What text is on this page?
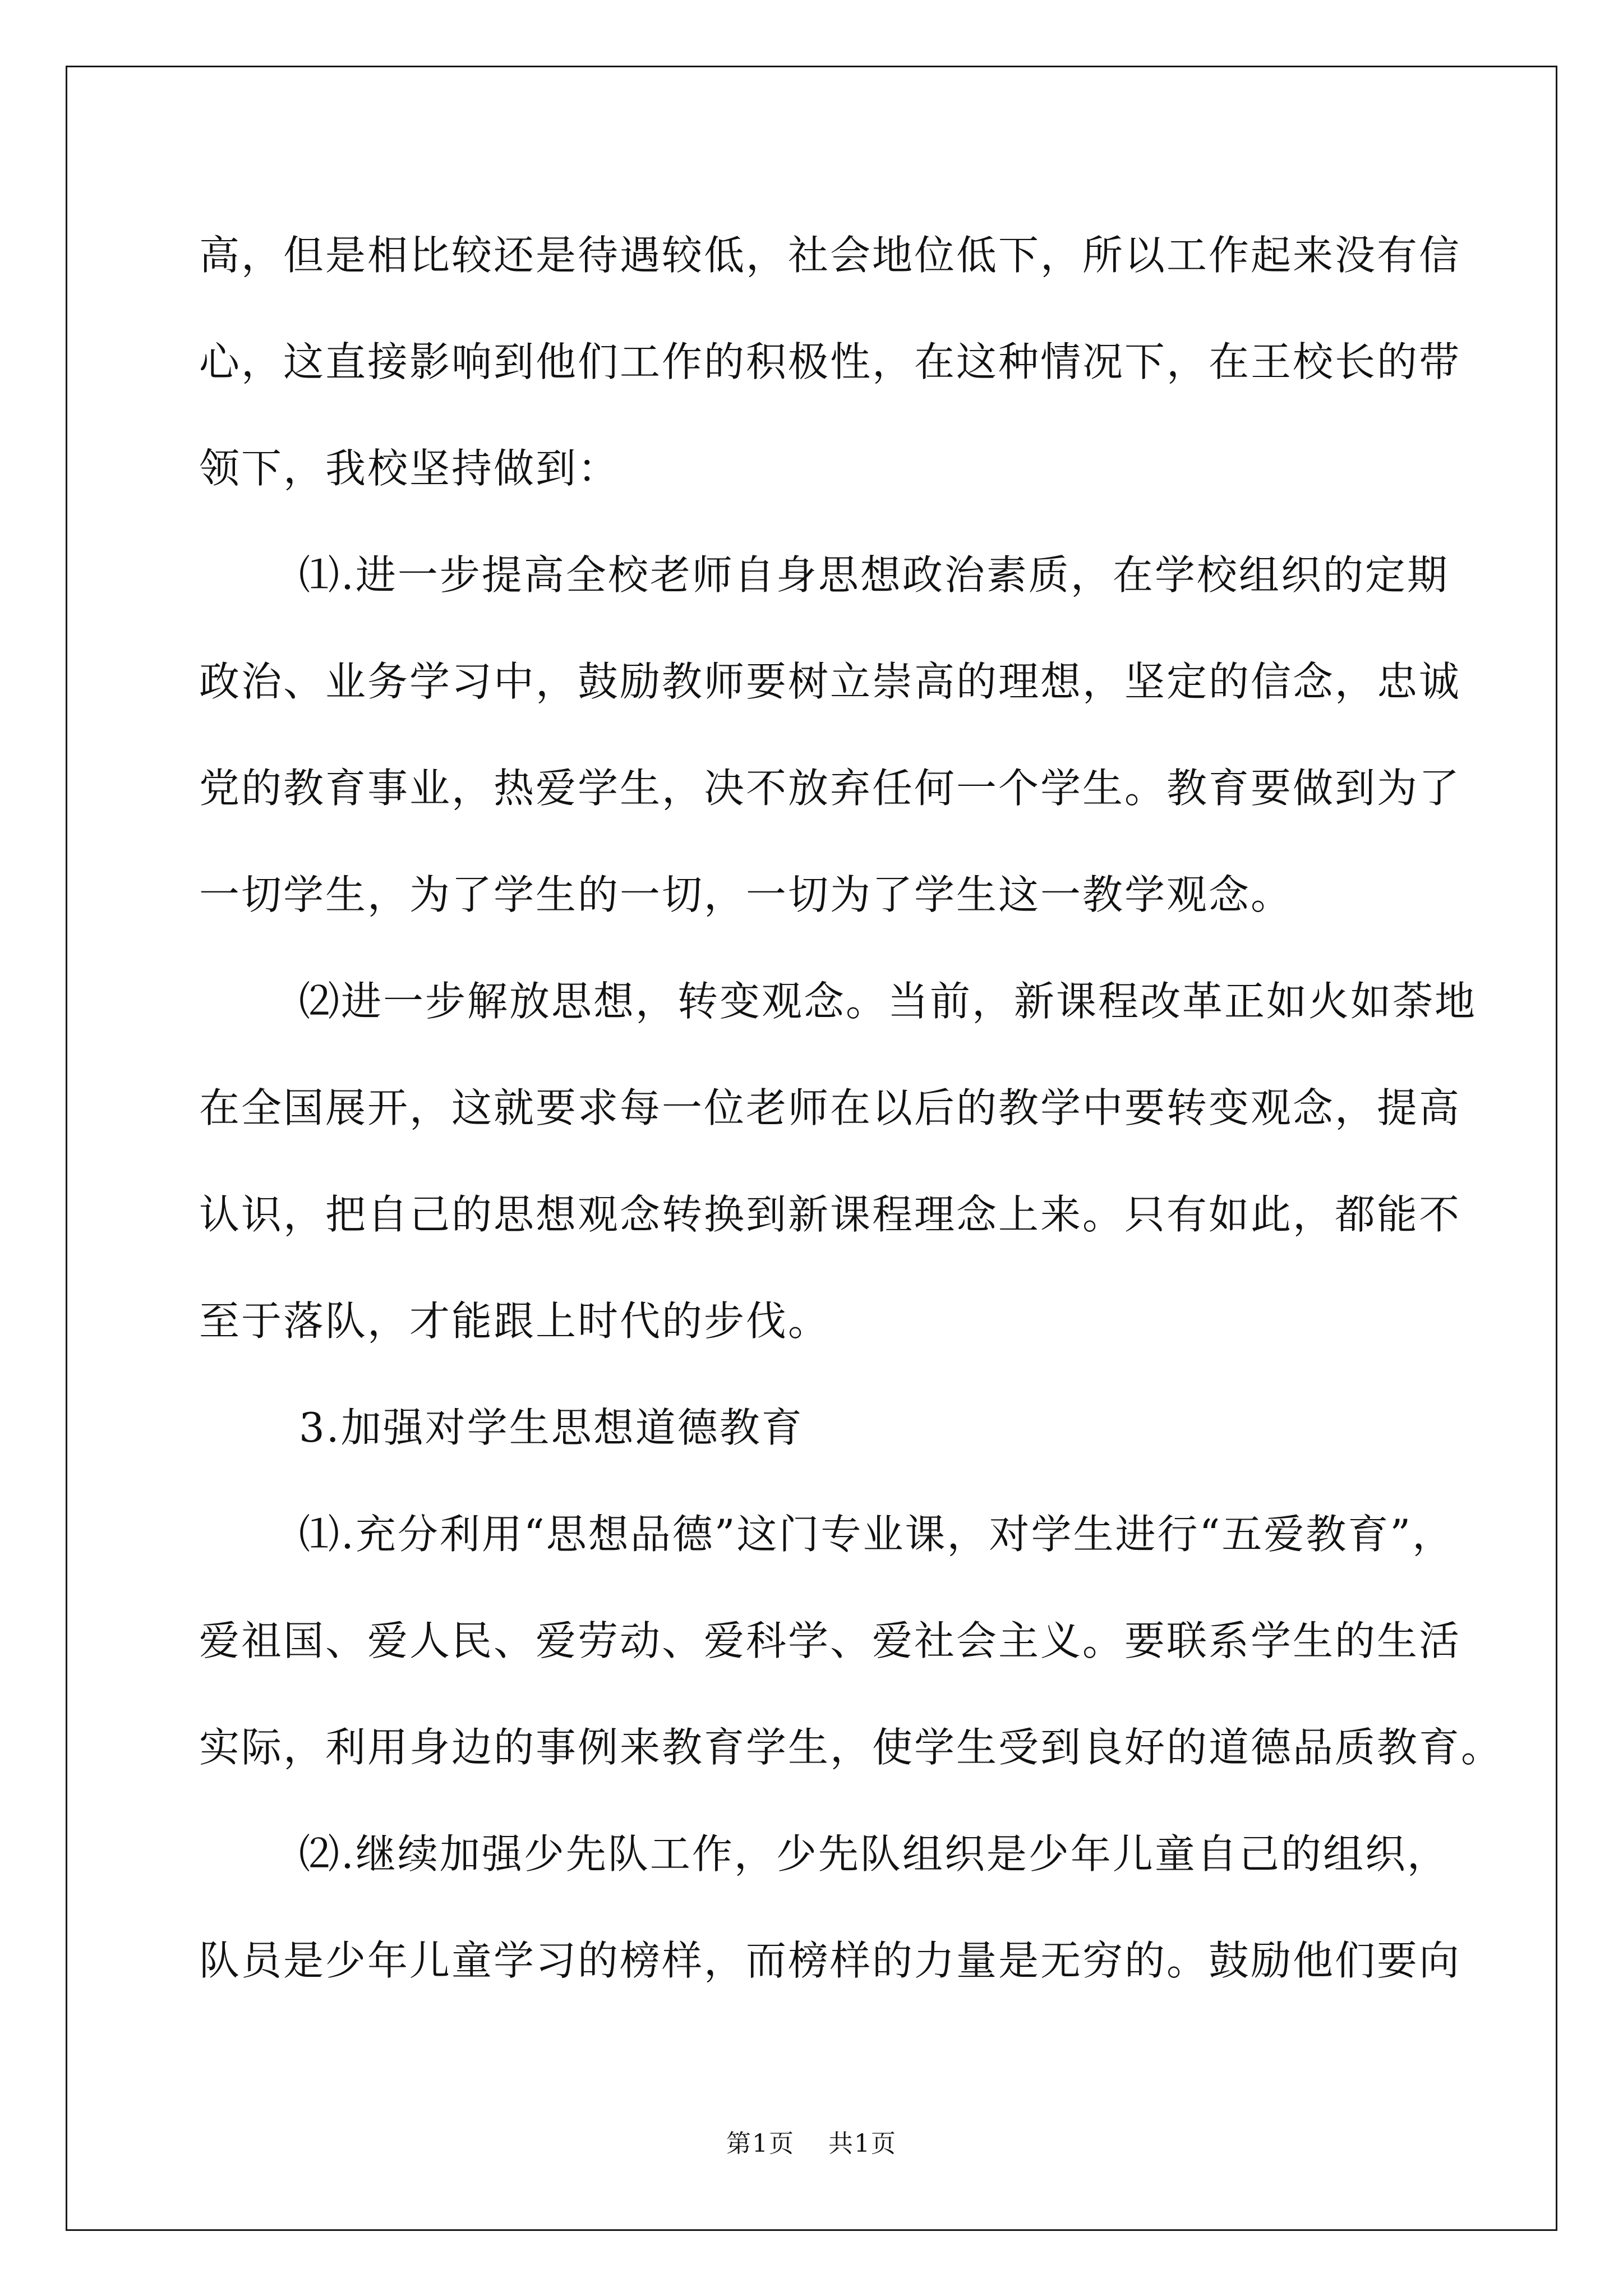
高，但是相比较还是待遇较低，社会地位低下，所以工作起来没有信
心，这直接影响到他们工作的积极性，在这种情况下，在王校长的带
领下，我校坚持做到：
⑴.进一步提高全校老师自身思想政治素质，在学校组织的定期
政治、业务学习中，鼓励教师要树立崇高的理想，坚定的信念，忠诚
党的教育事业，热爱学生，决不放弃任何一个学生。教育要做到为了
一切学生，为了学生的一切，一切为了学生这一教学观念。
⑵进一步解放思想，转变观念。当前，新课程改革正如火如荼地
在全国展开，这就要求每一位老师在以后的教学中要转变观念，提高
认识，把自己的思想观念转换到新课程理念上来。只有如此，都能不
至于落队，才能跟上时代的步伐。
3.加强对学生思想道德教育
⑴.充分利用“思想品德”这门专业课，对学生进行“五爱教育”，
爱祖国、爱人民、爱劳动、爱科学、爱社会主义。要联系学生的生活
实际，利用身边的事例来教育学生，使学生受到良好的道德品质教育。
⑵.继续加强少先队工作，少先队组织是少年儿童自己的组织，
队员是少年儿童学习的榜样，而榜样的力量是无穷的。鼓励他们要向
第1页 共1页
